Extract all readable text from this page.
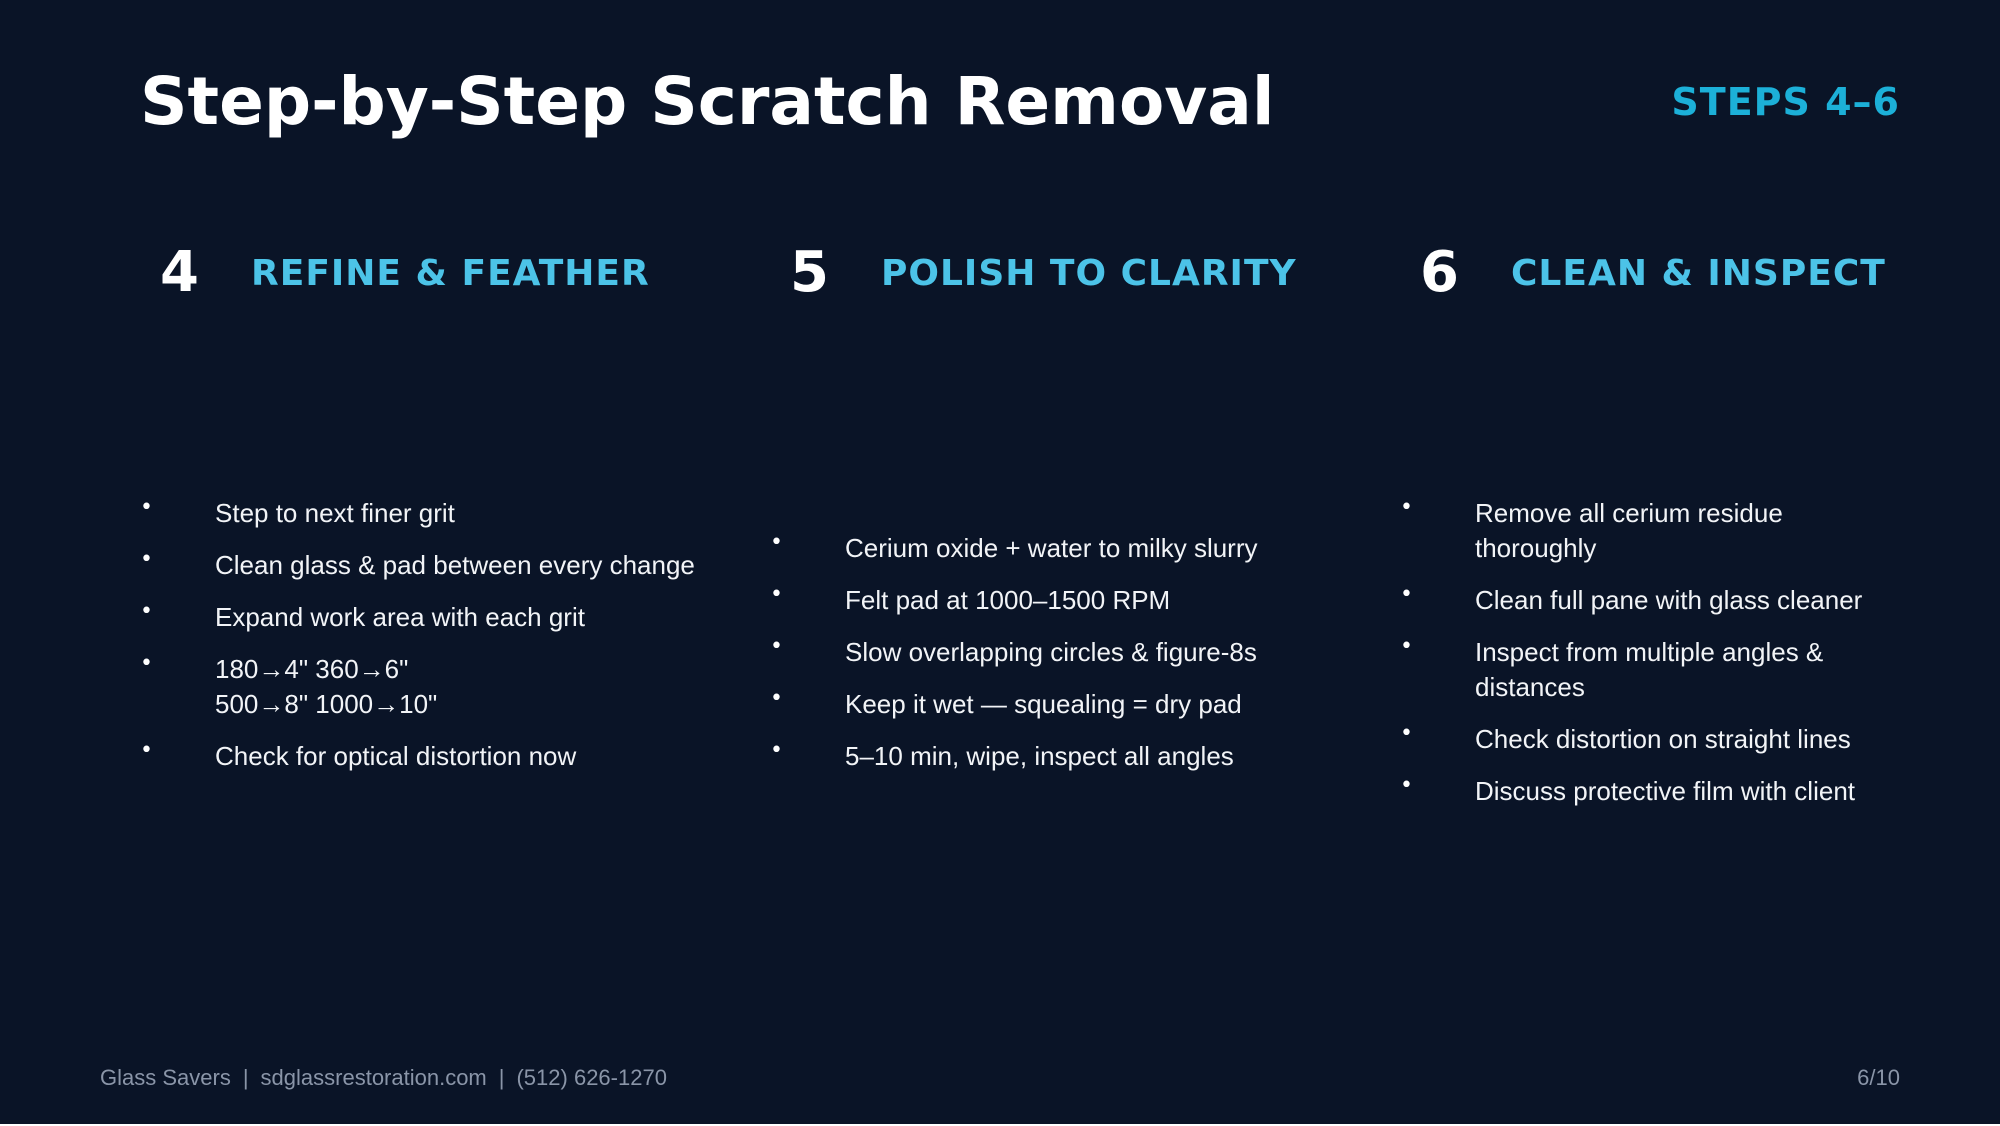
Step-by-Step Scratch Removal	STEPS 4–6
4 REFINE & FEATHER
• Step to next finer grit
• Clean glass & pad between every change
• Expand work area with each grit
• 180→4" 360→6" 500→8" 1000→10"
• Check for optical distortion now
5 POLISH TO CLARITY
• Cerium oxide + water to milky slurry
• Felt pad at 1000–1500 RPM
• Slow overlapping circles & figure-8s
• Keep it wet — squealing = dry pad
• 5–10 min, wipe, inspect all angles
6 CLEAN & INSPECT
• Remove all cerium residue thoroughly
• Clean full pane with glass cleaner
• Inspect from multiple angles & distances
• Check distortion on straight lines
• Discuss protective film with client
Glass Savers | sdglassrestoration.com | (512) 626-1270	6/10
